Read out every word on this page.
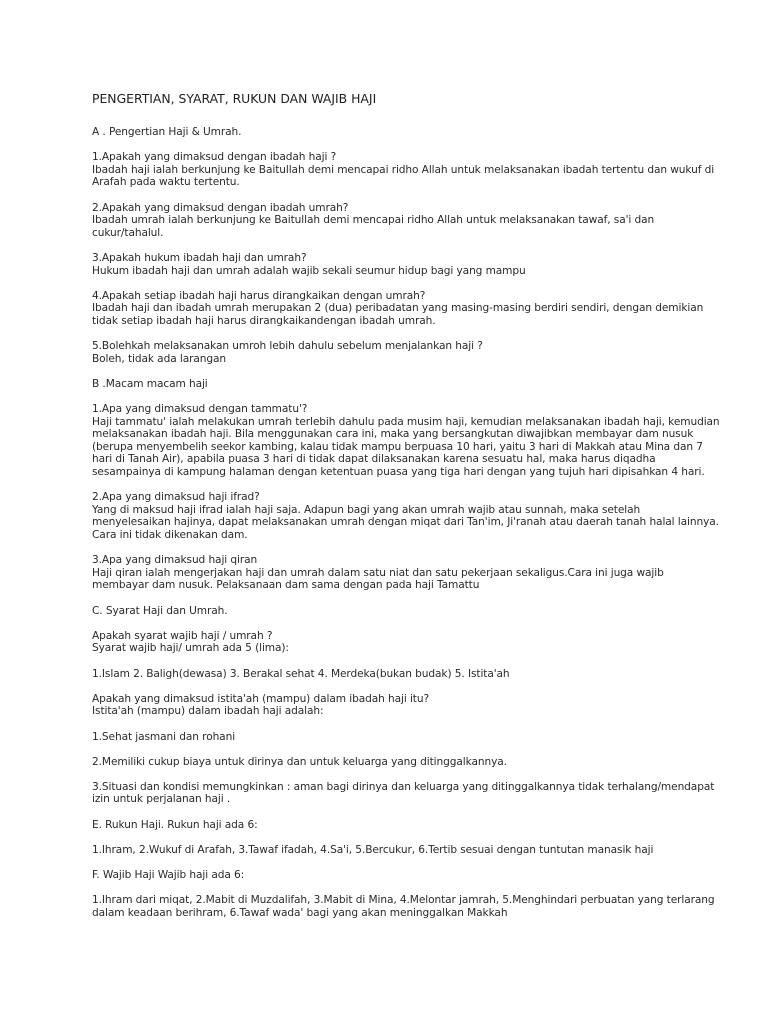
PENGERTIAN, SYARAT, RUKUN DAN WAJIB HAJI
A . Pengertian Haji & Umrah.
1.Apakah yang dimaksud dengan ibadah haji ?
Ibadah haji ialah berkunjung ke Baitullah demi mencapai ridho Allah untuk melaksanakan ibadah tertentu dan wukuf di
Arafah pada waktu tertentu.
2.Apakah yang dimaksud dengan ibadah umrah?
Ibadah umrah ialah berkunjung ke Baitullah demi mencapai ridho Allah untuk melaksanakan tawaf, sa'i dan
cukur/tahalul.
3.Apakah hukum ibadah haji dan umrah?
Hukum ibadah haji dan umrah adalah wajib sekali seumur hidup bagi yang mampu
4.Apakah setiap ibadah haji harus dirangkaikan dengan umrah?
Ibadah haji dan ibadah umrah merupakan 2 (dua) peribadatan yang masing-masing berdiri sendiri, dengan demikian
tidak setiap ibadah haji harus dirangkaikandengan ibadah umrah.
5.Bolehkah melaksanakan umroh lebih dahulu sebelum menjalankan haji ?
Boleh, tidak ada larangan
B .Macam macam haji
1.Apa yang dimaksud dengan tammatu'?
Haji tammatu' ialah melakukan umrah terlebih dahulu pada musim haji, kemudian melaksanakan ibadah haji, kemudian
melaksanakan ibadah haji. Bila menggunakan cara ini, maka yang bersangkutan diwajibkan membayar dam nusuk
(berupa menyembelih seekor kambing, kalau tidak mampu berpuasa 10 hari, yaitu 3 hari di Makkah atau Mina dan 7
hari di Tanah Air), apabila puasa 3 hari di tidak dapat dilaksanakan karena sesuatu hal, maka harus diqadha
sesampainya di kampung halaman dengan ketentuan puasa yang tiga hari dengan yang tujuh hari dipisahkan 4 hari.
2.Apa yang dimaksud haji ifrad?
Yang di maksud haji ifrad ialah haji saja. Adapun bagi yang akan umrah wajib atau sunnah, maka setelah
menyelesaikan hajinya, dapat melaksanakan umrah dengan miqat dari Tan'im, Ji'ranah atau daerah tanah halal lainnya.
Cara ini tidak dikenakan dam.
3.Apa yang dimaksud haji qiran
Haji qiran ialah mengerjakan haji dan umrah dalam satu niat dan satu pekerjaan sekaligus.Cara ini juga wajib
membayar dam nusuk. Pelaksanaan dam sama dengan pada haji Tamattu
C. Syarat Haji dan Umrah.
Apakah syarat wajib haji / umrah ?
Syarat wajib haji/ umrah ada 5 (lima):
1.Islam 2. Baligh(dewasa) 3. Berakal sehat 4. Merdeka(bukan budak) 5. Istita'ah
Apakah yang dimaksud istita'ah (mampu) dalam ibadah haji itu?
Istita'ah (mampu) dalam ibadah haji adalah:
1.Sehat jasmani dan rohani
2.Memiliki cukup biaya untuk dirinya dan untuk keluarga yang ditinggalkannya.
3.Situasi dan kondisi memungkinkan : aman bagi dirinya dan keluarga yang ditinggalkannya tidak terhalang/mendapat
izin untuk perjalanan haji .
E. Rukun Haji. Rukun haji ada 6:
1.Ihram, 2.Wukuf di Arafah, 3.Tawaf ifadah, 4.Sa'i, 5.Bercukur, 6.Tertib sesuai dengan tuntutan manasik haji
F. Wajib Haji Wajib haji ada 6:
1.Ihram dari miqat, 2.Mabit di Muzdalifah, 3.Mabit di Mina, 4.Melontar jamrah, 5.Menghindari perbuatan yang terlarang
dalam keadaan berihram, 6.Tawaf wada' bagi yang akan meninggalkan Makkah
